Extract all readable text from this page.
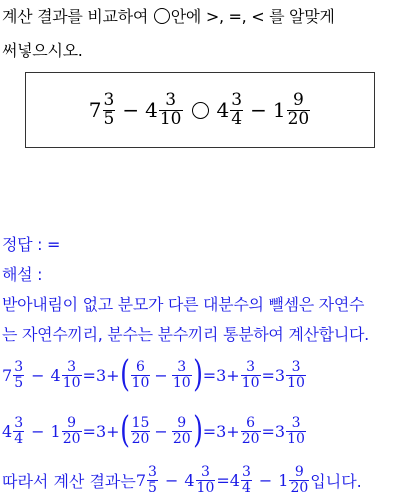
계산 결과를 비교하여 안에 >, =, < 를 알맞게
써넣으시오.
$7 \frac{3}{5} - 4 \frac{3}{10} 4 \frac{3}{4} - 1 \frac{9}{20}$
정답 : =
해설 :
받아내림이 없고 분모가 다른 대분수의 뺄셈은 자연수
는 자연수끼리, 분수는 분수끼리 통분하여 계산합니다.
$7 \frac{3}{5} - 4 \frac{3}{10} =3+$ ( $\frac{6}{10} - \frac{3}{10}$ ) $=3+ \frac{3}{10} =3 \frac{3}{10}$
$4 \frac{3}{4} - 1 \frac{9}{20} =3+$ ( $\frac{15}{20} - \frac{9}{20}$ ) $=3+ \frac{6}{20} =3 \frac{3}{10}$
따라서 계산 결과는 $7 \frac{3}{5} - 4 \frac{3}{10} = 4 \frac{3}{4} - 1 \frac{9}{20}$ 입니다.
